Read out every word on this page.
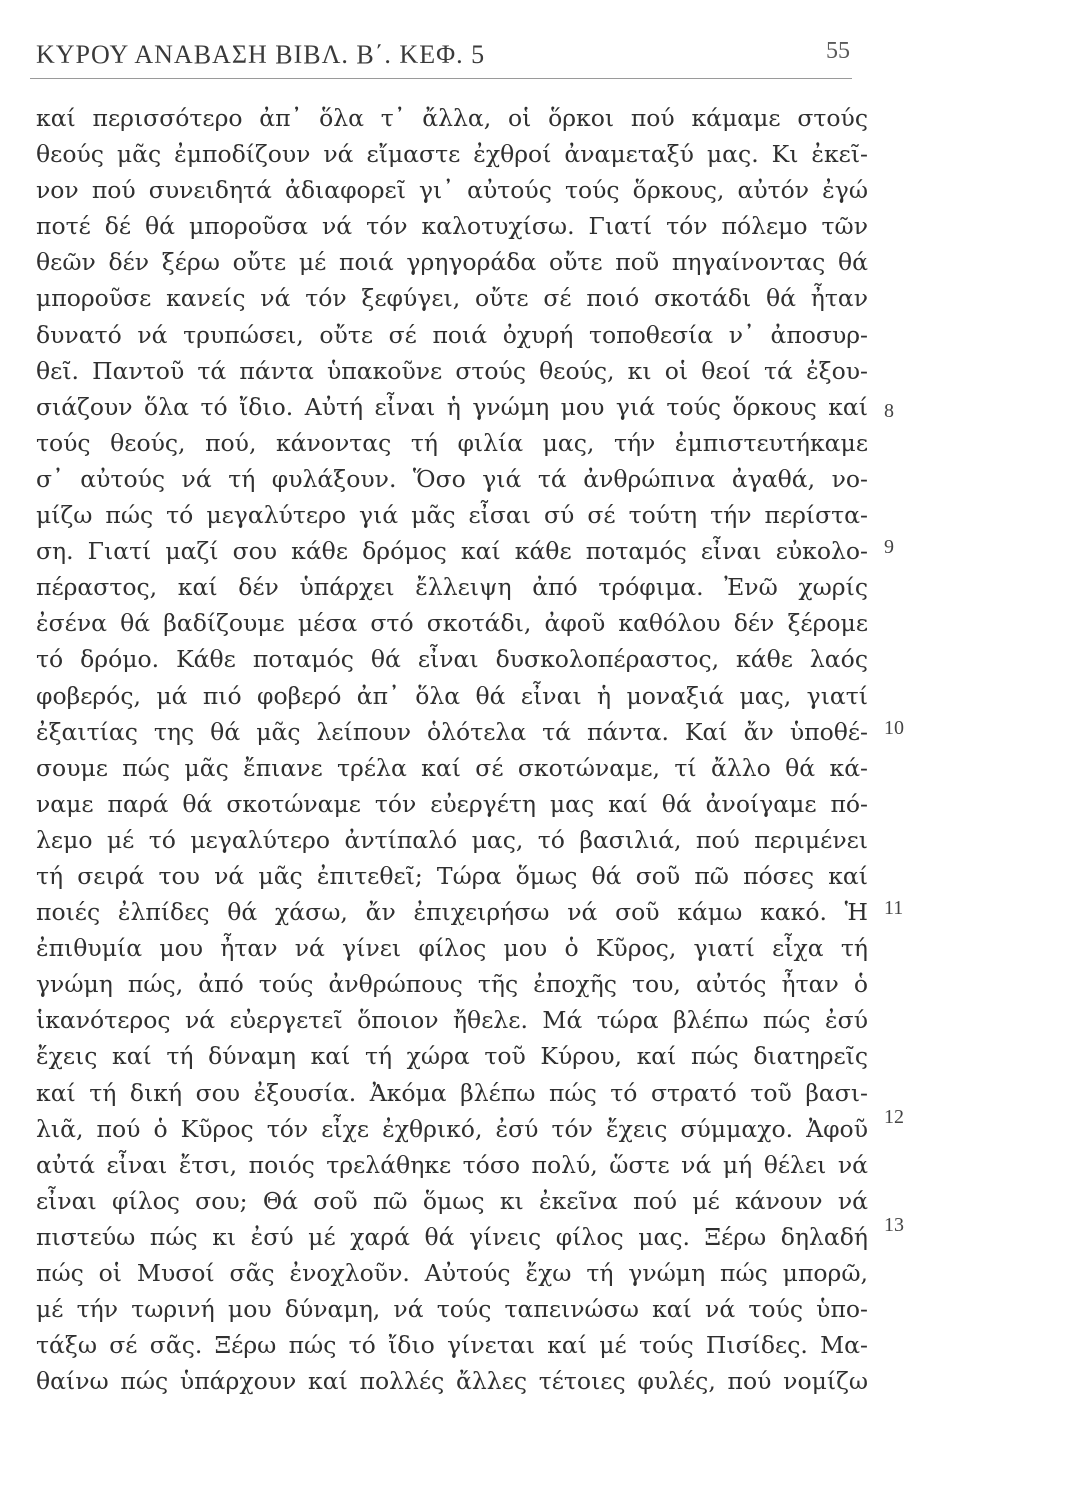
ΚΥΡΟΥ ΑΝΑΒΑΣΗ ΒΙΒΛ. Β΄. ΚΕΦ. 5	55
καί περισσότερο ἀπ᾿ ὅλα τ᾿ ἄλλα, οἱ ὅρκοι πού κάμαμε στούς
θεούς μᾶς ἐμποδίζουν νά εἴμαστε ἐχθροί ἀναμεταξύ μας. Κι ἐκεῖ-
νον πού συνειδητά ἀδιαφορεῖ γι᾿ αὐτούς τούς ὅρκους, αὐτόν ἐγώ
ποτέ δέ θά μποροῦσα νά τόν καλοτυχίσω. Γιατί τόν πόλεμο τῶν
θεῶν δέν ξέρω οὔτε μέ ποιά γρηγοράδα οὔτε ποῦ πηγαίνοντας θά
μποροῦσε κανείς νά τόν ξεφύγει, οὔτε σέ ποιό σκοτάδι θά ἦταν
δυνατό νά τρυπώσει, οὔτε σέ ποιά ὀχυρή τοποθεσία ν᾿ ἀποσυρ-
θεῖ. Παντοῦ τά πάντα ὑπακοῦνε στούς θεούς, κι οἱ θεοί τά ἐξου-
σιάζουν ὅλα τό ἴδιο. Αὐτή εἶναι ἡ γνώμη μου γιά τούς ὅρκους καί
τούς θεούς, πού, κάνοντας τή φιλία μας, τήν ἐμπιστευτήκαμε
σ᾿ αὐτούς νά τή φυλάξουν. Ὅσο γιά τά ἀνθρώπινα ἀγαθά, νο-
μίζω πώς τό μεγαλύτερο γιά μᾶς εἶσαι σύ σέ τούτη τήν περίστα-
ση. Γιατί μαζί σου κάθε δρόμος καί κάθε ποταμός εἶναι εὐκολο-
πέραστος, καί δέν ὑπάρχει ἔλλειψη ἀπό τρόφιμα. Ἐνῶ χωρίς
ἐσένα θά βαδίζουμε μέσα στό σκοτάδι, ἀφοῦ καθόλου δέν ξέρομε
τό δρόμο. Κάθε ποταμός θά εἶναι δυσκολοπέραστος, κάθε λαός
φοβερός, μά πιό φοβερό ἀπ᾿ ὅλα θά εἶναι ἡ μοναξιά μας, γιατί
ἐξαιτίας της θά μᾶς λείπουν ὁλότελα τά πάντα. Καί ἄν ὑποθέ-
σουμε πώς μᾶς ἔπιανε τρέλα καί σέ σκοτώναμε, τί ἄλλο θά κά-
ναμε παρά θά σκοτώναμε τόν εὐεργέτη μας καί θά ἀνοίγαμε πό-
λεμο μέ τό μεγαλύτερο ἀντίπαλό μας, τό βασιλιά, πού περιμένει
τή σειρά του νά μᾶς ἐπιτεθεῖ; Τώρα ὅμως θά σοῦ πῶ πόσες καί
ποιές ἐλπίδες θά χάσω, ἄν ἐπιχειρήσω νά σοῦ κάμω κακό. Ἡ
ἐπιθυμία μου ἦταν νά γίνει φίλος μου ὁ Κῦρος, γιατί εἶχα τή
γνώμη πώς, ἀπό τούς ἀνθρώπους τῆς ἐποχῆς του, αὐτός ἦταν ὁ
ἱκανότερος νά εὐεργετεῖ ὅποιον ἤθελε. Μά τώρα βλέπω πώς ἐσύ
ἔχεις καί τή δύναμη καί τή χώρα τοῦ Κύρου, καί πώς διατηρεῖς
καί τή δική σου ἐξουσία. Ἀκόμα βλέπω πώς τό στρατό τοῦ βασι-
λιᾶ, πού ὁ Κῦρος τόν εἶχε ἐχθρικό, ἐσύ τόν ἔχεις σύμμαχο. Ἀφοῦ
αὐτά εἶναι ἔτσι, ποιός τρελάθηκε τόσο πολύ, ὥστε νά μή θέλει νά
εἶναι φίλος σου; Θά σοῦ πῶ ὅμως κι ἐκεῖνα πού μέ κάνουν νά
πιστεύω πώς κι ἐσύ μέ χαρά θά γίνεις φίλος μας. Ξέρω δηλαδή
πώς οἱ Μυσοί σᾶς ἐνοχλοῦν. Αὐτούς ἔχω τή γνώμη πώς μπορῶ,
μέ τήν τωρινή μου δύναμη, νά τούς ταπεινώσω καί νά τούς ὑπο-
τάξω σέ σᾶς. Ξέρω πώς τό ἴδιο γίνεται καί μέ τούς Πισίδες. Μα-
θαίνω πώς ὑπάρχουν καί πολλές ἄλλες τέτοιες φυλές, πού νομίζω
8
9
10
11
12
13
